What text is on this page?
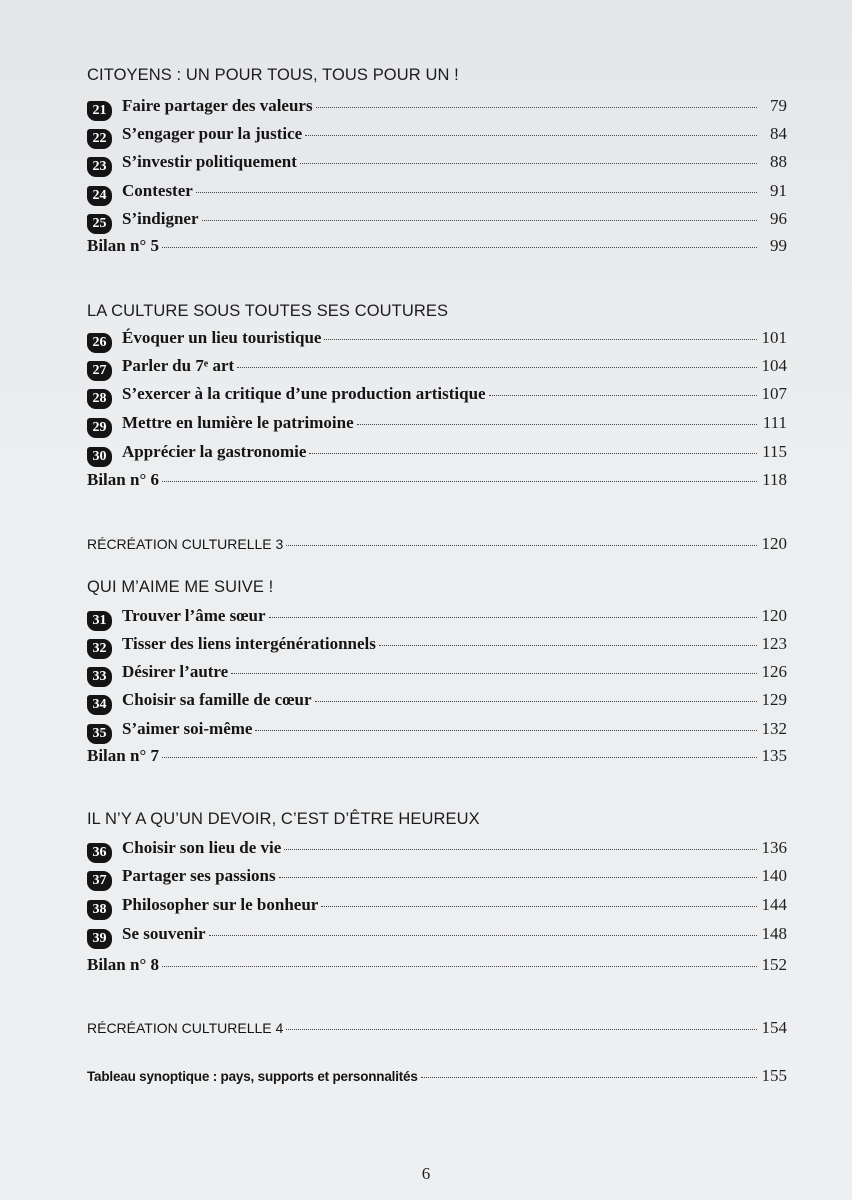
CITOYENS : UN POUR TOUS, TOUS POUR UN !
21 Faire partager des valeurs	79
22 S’engager pour la justice	84
23 S’investir politiquement	88
24 Contester	91
25 S’indigner	96
Bilan n° 5	99
LA CULTURE SOUS TOUTES SES COUTURES
26 Évoquer un lieu touristique	101
27 Parler du 7ᵉ art	104
28 S’exercer à la critique d’une production artistique	107
29 Mettre en lumière le patrimoine	111
30 Apprécier la gastronomie	115
Bilan n° 6	118
RÉCRÉATION CULTURELLE 3	120
QUI M’AIME ME SUIVE !
31 Trouver l’âme sœur	120
32 Tisser des liens intergénérationnels	123
33 Désirer l’autre	126
34 Choisir sa famille de cœur	129
35 S’aimer soi-même	132
Bilan n° 7	135
IL N’Y A QU’UN DEVOIR, C’EST D’ÊTRE HEUREUX
36 Choisir son lieu de vie	136
37 Partager ses passions	140
38 Philosopher sur le bonheur	144
39 Se souvenir	148
Bilan n° 8	152
RÉCRÉATION CULTURELLE 4	154
Tableau synoptique : pays, supports et personnalités	155
6
